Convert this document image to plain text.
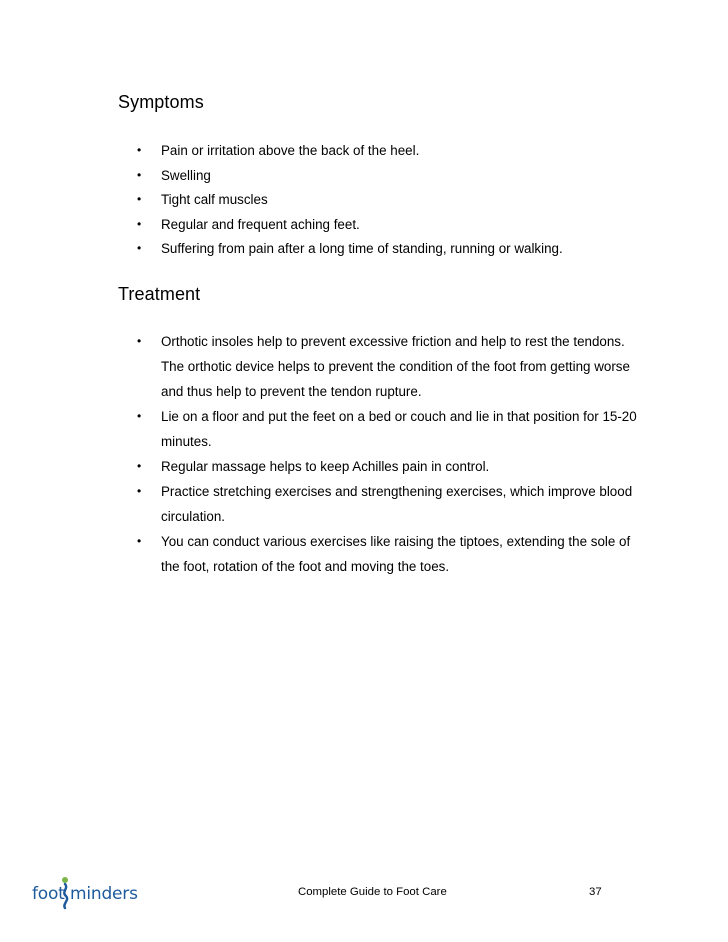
Symptoms
• Pain or irritation above the back of the heel.
• Swelling
• Tight calf muscles
• Regular and frequent aching feet.
• Suffering from pain after a long time of standing, running or walking.
Treatment
• Orthotic insoles help to prevent excessive friction and help to rest the tendons. The orthotic device helps to prevent the condition of the foot from getting worse and thus help to prevent the tendon rupture.
• Lie on a floor and put the feet on a bed or couch and lie in that position for 15-20 minutes.
• Regular massage helps to keep Achilles pain in control.
• Practice stretching exercises and strengthening exercises, which improve blood circulation.
• You can conduct various exercises like raising the tiptoes, extending the sole of the foot, rotation of the foot and moving the toes.
foot minders	Complete Guide to Foot Care	37
